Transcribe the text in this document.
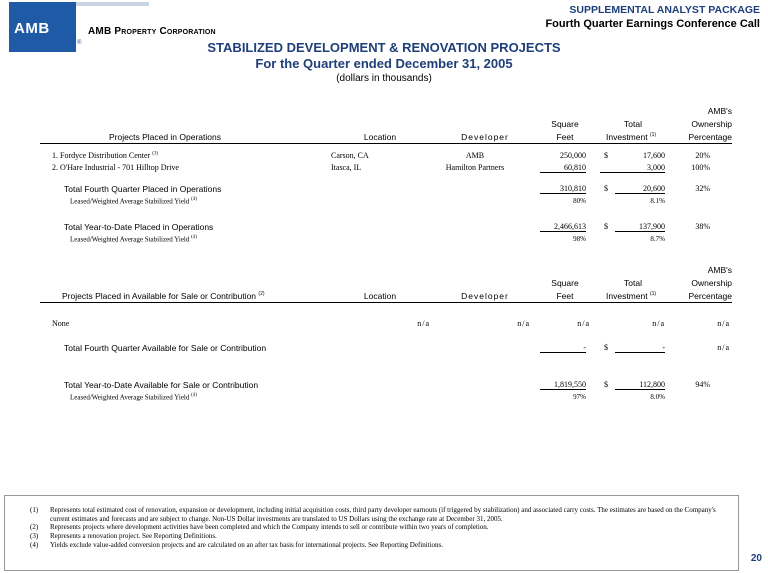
AMB
®
AMB Property Corporation
SUPPLEMENTAL ANALYST PACKAGE
Fourth Quarter Earnings Conference Call
STABILIZED DEVELOPMENT & RENOVATION PROJECTS
For the Quarter ended December 31, 2005
(dollars in thousands)
AMB's
Square	Total	Ownership
Projects Placed in Operations	Location	Developer	Feet	Investment $^{(1)}$	Percentage
1. Fordyce Distribution Center $^{(3)}$	Carson, CA	AMB	250,000 $	17,600	20%
2. O'Hare Industrial - 701 Hilltop Drive	Itasca, IL	Hamilton Partners	60,810	3,000	100%
Total Fourth Quarter Placed in Operations	310,810 $	20,600	32%
Leased/Weighted Average Stabilized Yield $^{(4)}$	80%	8.1%
Total Year-to-Date Placed in Operations	2,466,613 $	137,900	38%
Leased/Weighted Average Stabilized Yield $^{(4)}$	98%	8.7%
AMB's
Square	Total	Ownership
Projects Placed in Available for Sale or Contribution $^{(2)}$	Location	Developer	Feet	Investment $^{(1)}$	Percentage
None	n/a	n/a	n/a	n/a	n/a
Total Fourth Quarter Available for Sale or Contribution	- $	-	n/a
Total Year-to-Date Available for Sale or Contribution	1,819,550 $	112,800	94%
Leased/Weighted Average Stabilized Yield $^{(4)}$	97%	8.0%
(1) Represents total estimated cost of renovation, expansion or development, including initial acquisition costs, third party developer earnouts (if triggered by stabilization) and associated carry costs. The estimates are based on the Company's current estimates and forecasts and are subject to change. Non-US Dollar investments are translated to US Dollars using the exchange rate at December 31, 2005.
(2) Represents projects where development activities have been completed and which the Company intends to sell or contribute within two years of completion.
(3) Represents a renovation project. See Reporting Definitions.
(4) Yields exclude value-added conversion projects and are calculated on an after tax basis for international projects. See Reporting Definitions.
20
